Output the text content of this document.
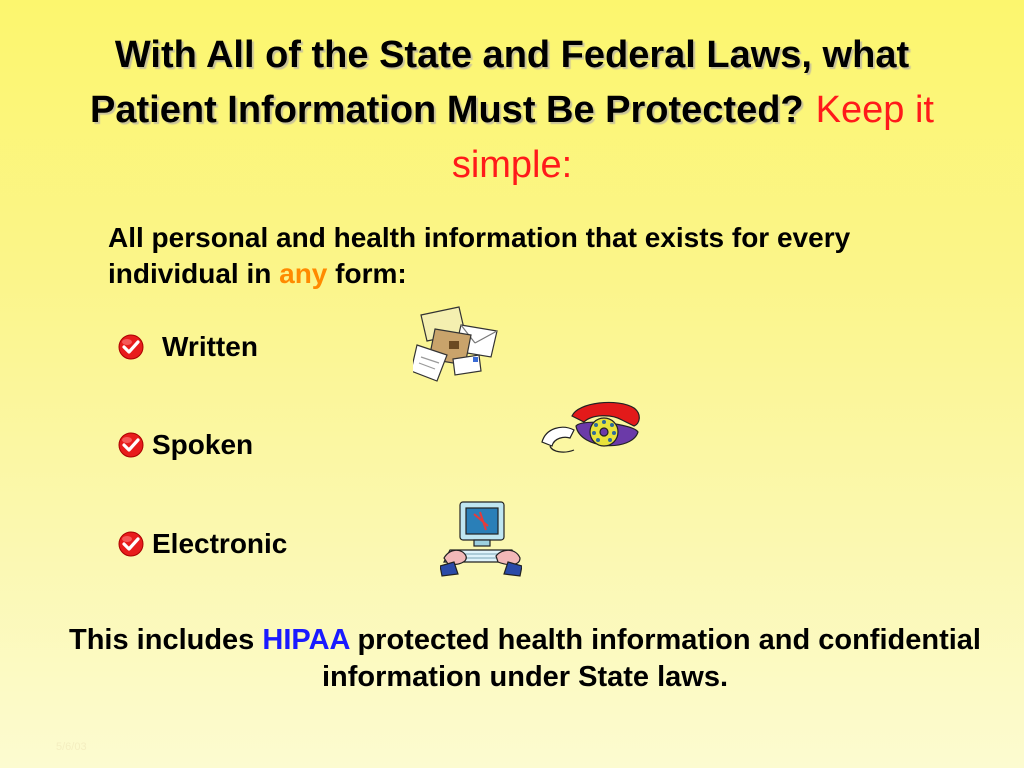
With All of the State and Federal Laws, what Patient Information Must Be Protected? Keep it simple:

All personal and health information that exists for every individual in any form:

Written
Spoken
Electronic

This includes HIPAA protected health information and confidential information under State laws.

5/6/03
